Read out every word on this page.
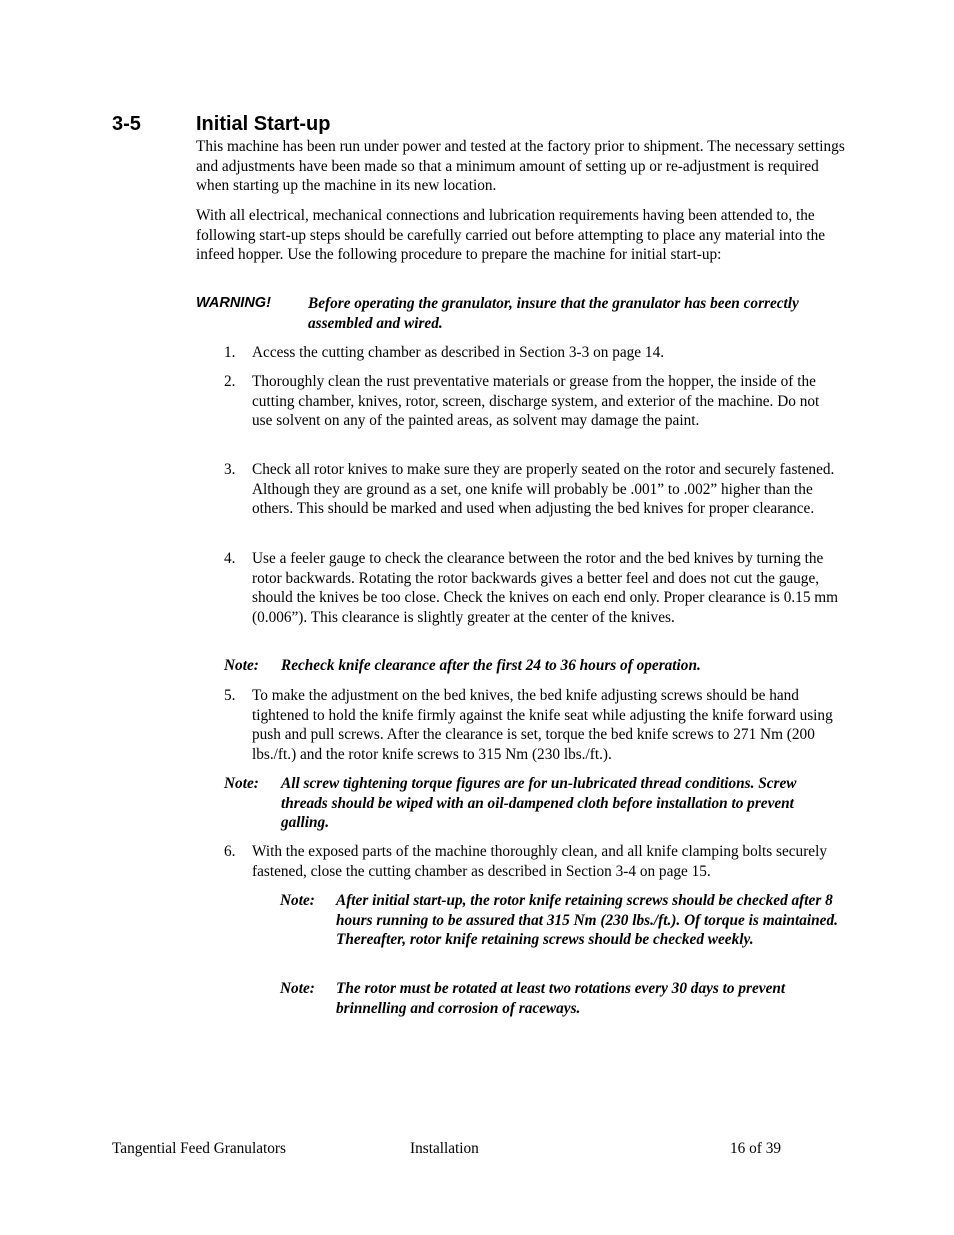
3-5	Initial Start-up
This machine has been run under power and tested at the factory prior to shipment. The necessary settings and adjustments have been made so that a minimum amount of setting up or re-adjustment is required when starting up the machine in its new location.
With all electrical, mechanical connections and lubrication requirements having been attended to, the following start-up steps should be carefully carried out before attempting to place any material into the infeed hopper. Use the following procedure to prepare the machine for initial start-up:
WARNING! Before operating the granulator, insure that the granulator has been correctly assembled and wired.
1.	Access the cutting chamber as described in Section 3-3 on page 14.
2.	Thoroughly clean the rust preventative materials or grease from the hopper, the inside of the cutting chamber, knives, rotor, screen, discharge system, and exterior of the machine. Do not use solvent on any of the painted areas, as solvent may damage the paint.
3.	Check all rotor knives to make sure they are properly seated on the rotor and securely fastened. Although they are ground as a set, one knife will probably be .001” to .002” higher than the others. This should be marked and used when adjusting the bed knives for proper clearance.
4.	Use a feeler gauge to check the clearance between the rotor and the bed knives by turning the rotor backwards. Rotating the rotor backwards gives a better feel and does not cut the gauge, should the knives be too close. Check the knives on each end only. Proper clearance is 0.15 mm (0.006”). This clearance is slightly greater at the center of the knives.
Note: Recheck knife clearance after the first 24 to 36 hours of operation.
5.	To make the adjustment on the bed knives, the bed knife adjusting screws should be hand tightened to hold the knife firmly against the knife seat while adjusting the knife forward using push and pull screws. After the clearance is set, torque the bed knife screws to 271 Nm (200 lbs./ft.) and the rotor knife screws to 315 Nm (230 lbs./ft.).
Note: All screw tightening torque figures are for un-lubricated thread conditions. Screw threads should be wiped with an oil-dampened cloth before installation to prevent galling.
6.	With the exposed parts of the machine thoroughly clean, and all knife clamping bolts securely fastened, close the cutting chamber as described in Section 3-4 on page 15.
Note: After initial start-up, the rotor knife retaining screws should be checked after 8 hours running to be assured that 315 Nm (230 lbs./ft.). Of torque is maintained. Thereafter, rotor knife retaining screws should be checked weekly.
Note: The rotor must be rotated at least two rotations every 30 days to prevent brinnelling and corrosion of raceways.
Tangential Feed Granulators	Installation	16 of 39
